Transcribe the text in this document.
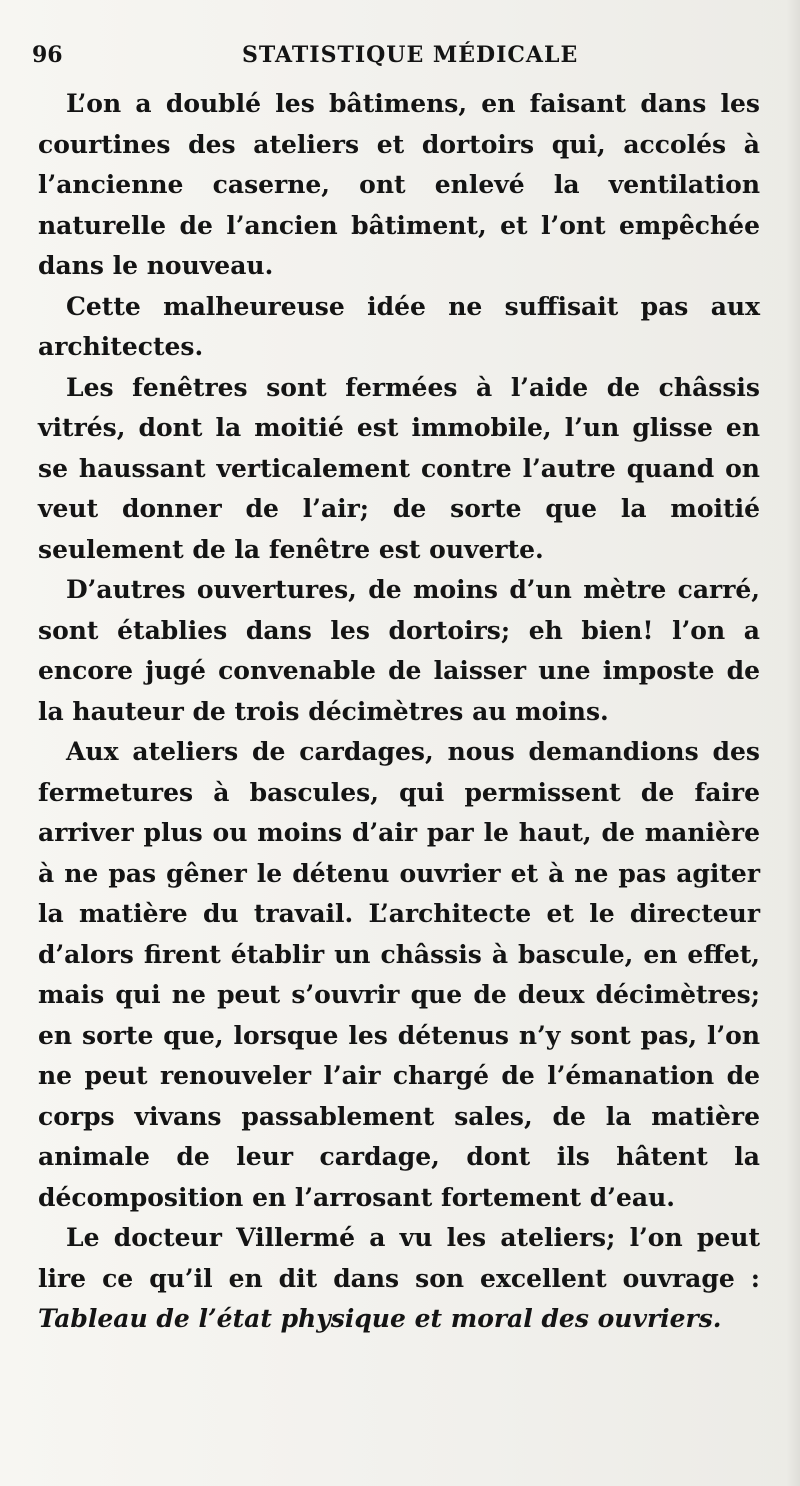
96	STATISTIQUE MÉDICALE

L’on a doublé les bâtimens, en faisant dans les courtines des ateliers et dortoirs qui, accolés à l’ancienne caserne, ont enlevé la ventilation naturelle de l’ancien bâtiment, et l’ont empêchée dans le nouveau.

Cette malheureuse idée ne suffisait pas aux architectes.

Les fenêtres sont fermées à l’aide de châssis vitrés, dont la moitié est immobile, l’un glisse en se haussant verticalement contre l’autre quand on veut donner de l’air; de sorte que la moitié seulement de la fenêtre est ouverte.

D’autres ouvertures, de moins d’un mètre carré, sont établies dans les dortoirs; eh bien! l’on a encore jugé convenable de laisser une imposte de la hauteur de trois décimètres au moins.

Aux ateliers de cardages, nous demandions des fermetures à bascules, qui permissent de faire arriver plus ou moins d’air par le haut, de manière à ne pas gêner le détenu ouvrier et à ne pas agiter la matière du travail. L’architecte et le directeur d’alors firent établir un châssis à bascule, en effet, mais qui ne peut s’ouvrir que de deux décimètres; en sorte que, lorsque les détenus n’y sont pas, l’on ne peut renouveler l’air chargé de l’émanation de corps vivans passablement sales, de la matière animale de leur cardage, dont ils hâtent la décomposition en l’arrosant fortement d’eau.

Le docteur Villermé a vu les ateliers; l’on peut lire ce qu’il en dit dans son excellent ouvrage : Tableau de l’état physique et moral des ouvriers.
